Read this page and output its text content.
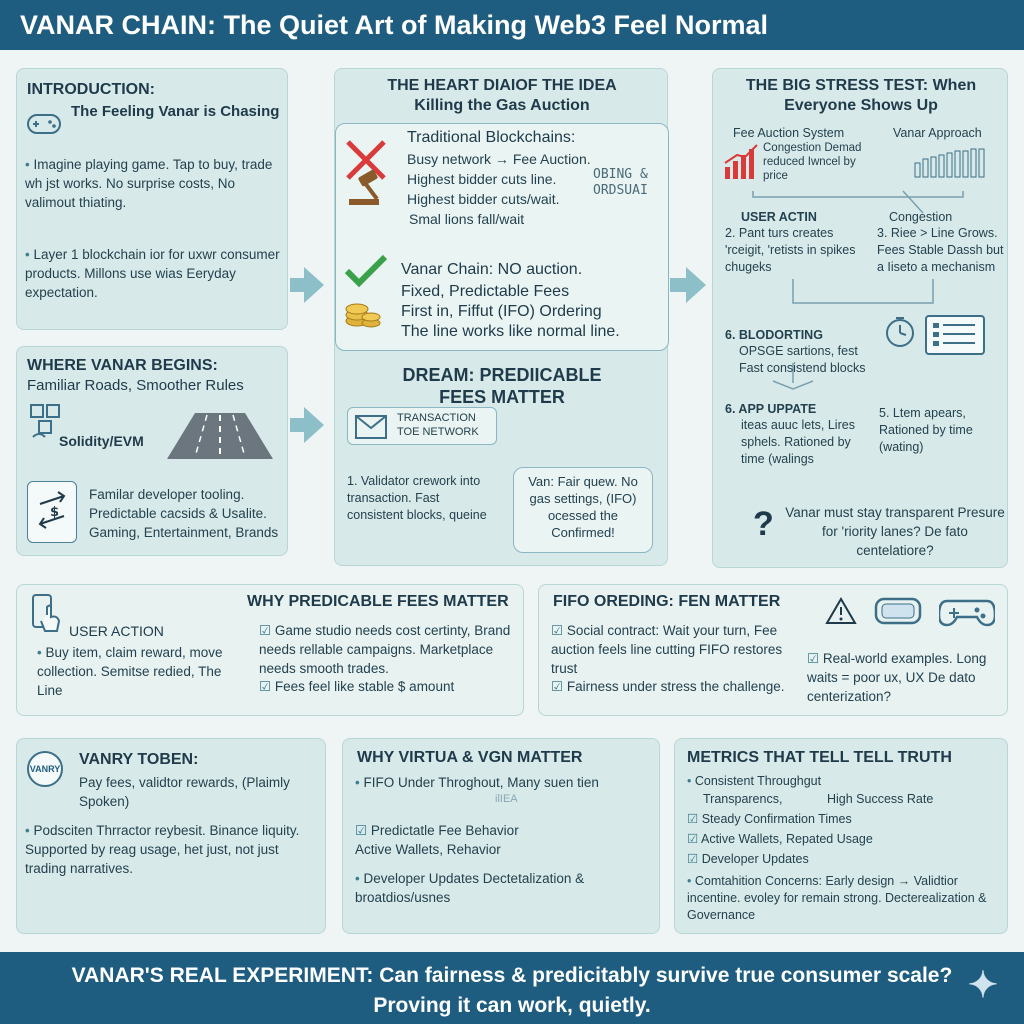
VANAR CHAIN: The Quiet Art of Making Web3 Feel Normal
INTRODUCTION:
The Feeling Vanar is Chasing
• Imagine playing game. Tap to buy, trade wh jst works. No surprise costs, No valimout thiating.
• Layer 1 blockchain ior for uxwr consumer products. Millons use wias Eeryday expectation.
WHERE VANAR BEGINS:
Familiar Roads, Smoother Rules
Solidity/EVM
$
Familar developer tooling. Predictable cacsids & Usalite. Gaming, Entertainment, Brands
THE HEART DIAIOF THE IDEA
Killing the Gas Auction
Traditional Blockchains:
Busy network → Fee Auction.
Highest bidder cuts line.
Highest bidder cuts/wait.
Smal lions fall/wait
OBING & ORDSUAI
Vanar Chain: NO auction.
Fixed, Predictable Fees
First in, Fiffut (IFO) Ordering
The line works like normal line.
DREAM: PREDIICABLE
FEES MATTER
TRANSACTION TOE NETWORK
1. Validator crework into transaction. Fast consistent blocks, queine
Van: Fair quew. No gas settings, (IFO) ocessed the Confirmed!
THE BIG STRESS TEST: When
Everyone Shows Up
Fee Auction System	Vanar Approach
Congestion Demad reduced Iwncel by price
USER ACTIN
2. Pant turs creates 'rceigit, 'retists in spikes chugeks
Congestion
3. Riee > Line Grows. Fees Stable Dassh but a Iiseto a mechanism
6. BLODORTING
OPSGE sartions, fest Fast consistend blocks
6. APP UPPATE
iteas auuc lets, Lires sphels. Rationed by time (walings
5. Ltem apears, Rationed by time (wating)
? Vanar must stay transparent Presure for 'riority lanes? De fato centelatiore?
WHY PREDICABLE FEES MATTER
USER ACTION
• Buy item, claim reward, move collection. Semitse redied, The Line
☑ Game studio needs cost certinty, Brand needs rellable campaigns. Marketplace needs smooth trades.
☑ Fees feel like stable $ amount
FIFO OREDING: FEN MATTER
☑ Social contract: Wait your turn, Fee auction feels line cutting FIFO restores trust
☑ Fairness under stress the challenge.
☑ Real-world examples. Long waits = poor ux, UX De dato centerization?
VANRY
VANRY TOBEN:
Pay fees, validtor rewards, (Plaimly Spoken)
• Podsciten Thrractor reybesit. Binance liquity. Supported by reag usage, het just, not just trading narratives.
WHY VIRTUA & VGN MATTER
• FIFO Under Throghout, Many suen tien
ilIEA
☑ Predictatle Fee Behavior Active Wallets, Rehavior
• Developer Updates Dectetalization & broatdios/usnes
METRICS THAT TELL TELL TRUTH
• Consistent Throughgut
Transparencs,	High Success Rate
☑ Steady Confirmation Times
☑ Active Wallets, Repated Usage
☑ Developer Updates
• Comtahition Concerns: Early design → Validtior incentine. evoley for remain strong. Decterealization & Governance
VANAR'S REAL EXPERIMENT: Can fairness & predicitably survive true consumer scale?
Proving it can work, quietly.
✦
